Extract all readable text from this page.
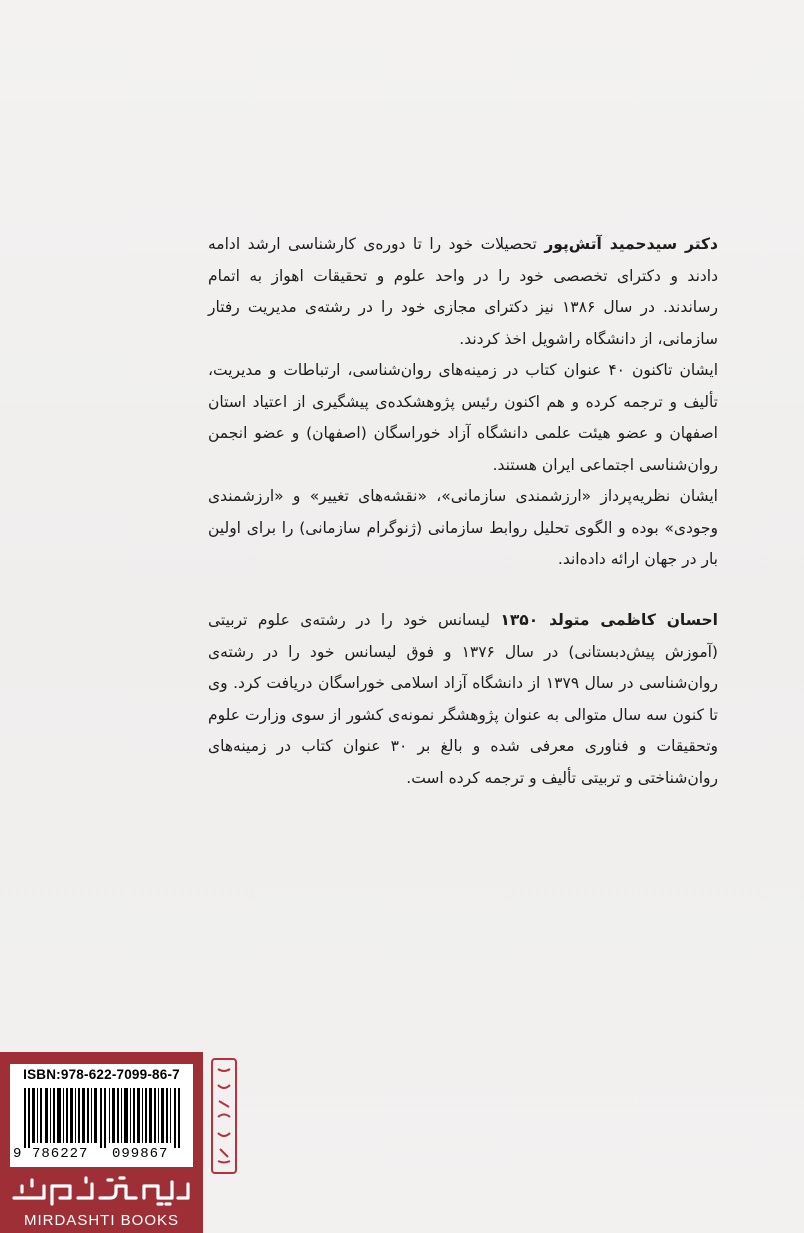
دکتر سیدحمید آتش‌پور تحصیلات خود را تا دوره‌ی کارشناسی ارشد ادامه دادند و دکترای تخصصی خود را در واحد علوم و تحقیقات اهواز به اتمام رساندند. در سال ۱۳۸۶ نیز دکترای مجازی خود را در رشته‌ی مدیریت رفتار سازمانی، از دانشگاه راشویل اخذ کردند.

ایشان تاکنون ۴۰ عنوان کتاب در زمینه‌های روان‌شناسی، ارتباطات و مدیریت، تألیف و ترجمه کرده و هم اکنون رئیس پژوهشکده‌ی پیشگیری از اعتیاد استان اصفهان و عضو هیئت علمی دانشگاه آزاد خوراسگان (اصفهان) و عضو انجمن روان‌شناسی اجتماعی ایران هستند.

ایشان نظریه‌پرداز «ارزشمندی سازمانی»، «نقشه‌های تغییر» و «ارزشمندی وجودی» بوده و الگوی تحلیل روابط سازمانی (ژنوگرام سازمانی) را برای اولین بار در جهان ارائه داده‌اند.

احسان کاظمی متولد ۱۳۵۰ لیسانس خود را در رشته‌ی علوم تربیتی (آموزش پیش‌دبستانی) در سال ۱۳۷۶ و فوق لیسانس خود را در رشته‌ی روان‌شناسی در سال ۱۳۷۹ از دانشگاه آزاد اسلامی خوراسگان دریافت کرد. وی تا کنون سه سال متوالی به عنوان پژوهشگر نمونه‌ی کشور از سوی وزارت علوم وتحقیقات و فناوری معرفی شده و بالغ بر ۳۰ عنوان کتاب در زمینه‌های روان‌شناختی و تربیتی تألیف و ترجمه کرده است.

ISBN:978-622-7099-86-7
9 786227 099867
MIRDASHTI BOOKS
